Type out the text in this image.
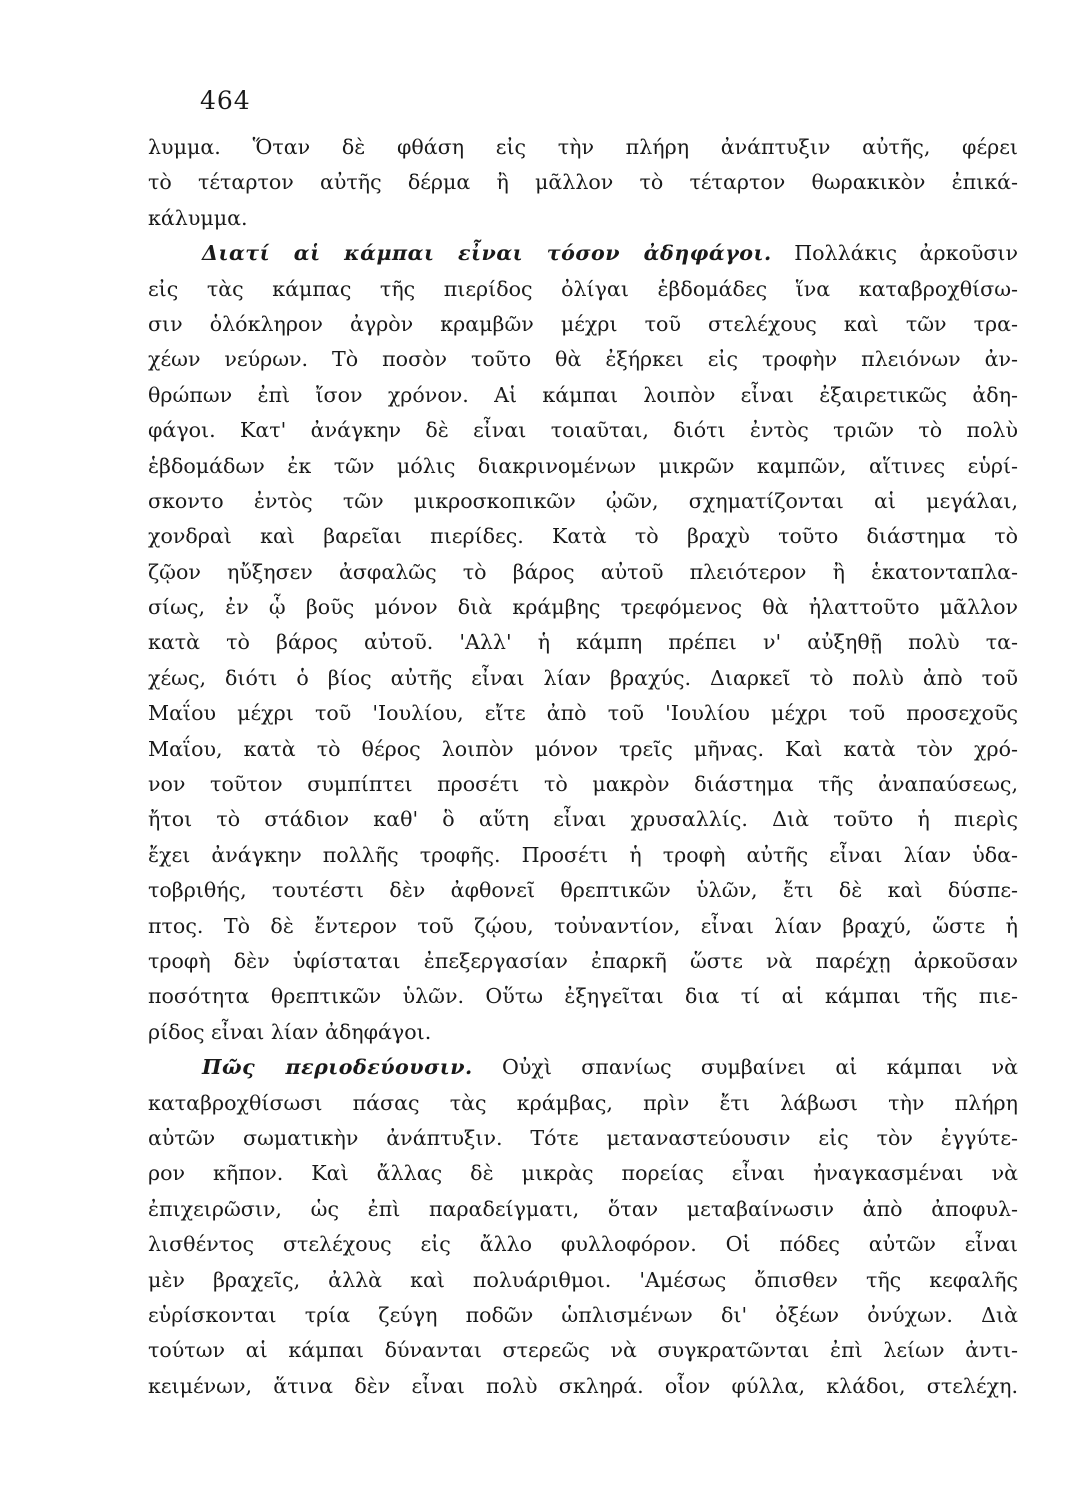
464
λυμμα. Ὅταν δὲ φθάση εἰς τὴν πλήρη ἀνάπτυξιν αὐτῆς, φέρει
τὸ τέταρτον αὐτῆς δέρμα ἢ μᾶλλον τὸ τέταρτον θωρακικὸν ἐπικά-
κάλυμμα.
Διατί αἱ κάμπαι εἶναι τόσον ἀδηφάγοι. Πολλάκις ἀρκοῦσιν
εἰς τὰς κάμπας τῆς πιερίδος ὀλίγαι ἑβδομάδες ἵνα καταβροχθίσω-
σιν ὁλόκληρον ἀγρὸν κραμβῶν μέχρι τοῦ στελέχους καὶ τῶν τρα-
χέων νεύρων. Τὸ ποσὸν τοῦτο θὰ ἐξήρκει εἰς τροφὴν πλειόνων ἀν-
θρώπων ἐπὶ ἴσον χρόνον. Αἱ κάμπαι λοιπὸν εἶναι ἐξαιρετικῶς ἀδη-
φάγοι. Κατ' ἀνάγκην δὲ εἶναι τοιαῦται, διότι ἐντὸς τριῶν τὸ πολὺ
ἑβδομάδων ἐκ τῶν μόλις διακρινομένων μικρῶν καμπῶν, αἵτινες εὑρί-
σκοντο ἐντὸς τῶν μικροσκοπικῶν ᾠῶν, σχηματίζονται αἱ μεγάλαι,
χονδραὶ καὶ βαρεῖαι πιερίδες. Κατὰ τὸ βραχὺ τοῦτο διάστημα τὸ
ζῷον ηὔξησεν ἀσφαλῶς τὸ βάρος αὐτοῦ πλειότερον ἢ ἑκατονταπλα-
σίως, ἐν ᾧ βοῦς μόνον διὰ κράμβης τρεφόμενος θὰ ἠλαττοῦτο μᾶλλον
κατὰ τὸ βάρος αὐτοῦ. 'Αλλ' ἡ κάμπη πρέπει ν' αὐξηθῇ πολὺ τα-
χέως, διότι ὁ βίος αὐτῆς εἶναι λίαν βραχύς. Διαρκεῖ τὸ πολὺ ἀπὸ τοῦ
Μαΐου μέχρι τοῦ 'Ιουλίου, εἴτε ἀπὸ τοῦ 'Ιουλίου μέχρι τοῦ προσεχοῦς
Μαΐου, κατὰ τὸ θέρος λοιπὸν μόνον τρεῖς μῆνας. Καὶ κατὰ τὸν χρό-
νον τοῦτον συμπίπτει προσέτι τὸ μακρὸν διάστημα τῆς ἀναπαύσεως,
ἤτοι τὸ στάδιον καθ' ὃ αὕτη εἶναι χρυσαλλίς. Διὰ τοῦτο ἡ πιερὶς
ἔχει ἀνάγκην πολλῆς τροφῆς. Προσέτι ἡ τροφὴ αὐτῆς εἶναι λίαν ὑδα-
τοβριθής, τουτέστι δὲν ἀφθονεῖ θρεπτικῶν ὑλῶν, ἔτι δὲ καὶ δύσπε-
πτος. Τὸ δὲ ἔντερον τοῦ ζῴου, τοὐναντίον, εἶναι λίαν βραχύ, ὥστε ἡ
τροφὴ δὲν ὑφίσταται ἐπεξεργασίαν ἐπαρκῆ ὥστε νὰ παρέχῃ ἀρκοῦσαν
ποσότητα θρεπτικῶν ὑλῶν. Οὕτω ἐξηγεῖται δια τί αἱ κάμπαι τῆς πιε-
ρίδος εἶναι λίαν ἀδηφάγοι.
Πῶς περιοδεύουσιν. Οὐχὶ σπανίως συμβαίνει αἱ κάμπαι νὰ
καταβροχθίσωσι πάσας τὰς κράμβας, πρὶν ἔτι λάβωσι τὴν πλήρη
αὐτῶν σωματικὴν ἀνάπτυξιν. Τότε μεταναστεύουσιν εἰς τὸν ἐγγύτε-
ρον κῆπον. Καὶ ἄλλας δὲ μικρὰς πορείας εἶναι ἠναγκασμέναι νὰ
ἐπιχειρῶσιν, ὡς ἐπὶ παραδείγματι, ὅταν μεταβαίνωσιν ἀπὸ ἀποφυλ-
λισθέντος στελέχους εἰς ἄλλο φυλλοφόρον. Οἱ πόδες αὐτῶν εἶναι
μὲν βραχεῖς, ἀλλὰ καὶ πολυάριθμοι. 'Αμέσως ὄπισθεν τῆς κεφαλῆς
εὑρίσκονται τρία ζεύγη ποδῶν ὡπλισμένων δι' ὀξέων ὀνύχων. Διὰ
τούτων αἱ κάμπαι δύνανται στερεῶς νὰ συγκρατῶνται ἐπὶ λείων ἀντι-
κειμένων, ἅτινα δὲν εἶναι πολὺ σκληρά. οἷον φύλλα, κλάδοι, στελέχη.
